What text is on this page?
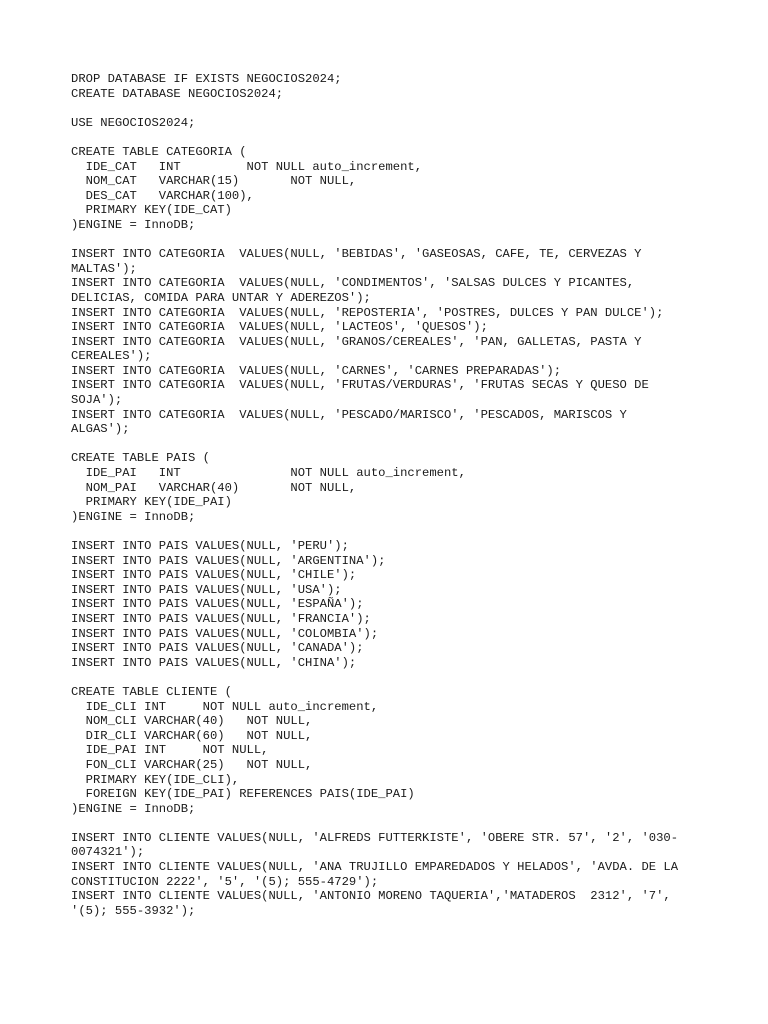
DROP DATABASE IF EXISTS NEGOCIOS2024;
CREATE DATABASE NEGOCIOS2024;
USE NEGOCIOS2024;
CREATE TABLE CATEGORIA (
IDE_CAT   INT         NOT NULL auto_increment,
NOM_CAT   VARCHAR(15)       NOT NULL,
DES_CAT   VARCHAR(100),
PRIMARY KEY(IDE_CAT)
)ENGINE = InnoDB;
INSERT INTO CATEGORIA  VALUES(NULL, 'BEBIDAS', 'GASEOSAS, CAFE, TE, CERVEZAS Y
MALTAS');
INSERT INTO CATEGORIA  VALUES(NULL, 'CONDIMENTOS', 'SALSAS DULCES Y PICANTES,
DELICIAS, COMIDA PARA UNTAR Y ADEREZOS');
INSERT INTO CATEGORIA  VALUES(NULL, 'REPOSTERIA', 'POSTRES, DULCES Y PAN DULCE');
INSERT INTO CATEGORIA  VALUES(NULL, 'LACTEOS', 'QUESOS');
INSERT INTO CATEGORIA  VALUES(NULL, 'GRANOS/CEREALES', 'PAN, GALLETAS, PASTA Y
CEREALES');
INSERT INTO CATEGORIA  VALUES(NULL, 'CARNES', 'CARNES PREPARADAS');
INSERT INTO CATEGORIA  VALUES(NULL, 'FRUTAS/VERDURAS', 'FRUTAS SECAS Y QUESO DE
SOJA');
INSERT INTO CATEGORIA  VALUES(NULL, 'PESCADO/MARISCO', 'PESCADOS, MARISCOS Y
ALGAS');
CREATE TABLE PAIS (
IDE_PAI   INT               NOT NULL auto_increment,
NOM_PAI   VARCHAR(40)       NOT NULL,
PRIMARY KEY(IDE_PAI)
)ENGINE = InnoDB;
INSERT INTO PAIS VALUES(NULL, 'PERU');
INSERT INTO PAIS VALUES(NULL, 'ARGENTINA');
INSERT INTO PAIS VALUES(NULL, 'CHILE');
INSERT INTO PAIS VALUES(NULL, 'USA');
INSERT INTO PAIS VALUES(NULL, 'ESPAÑA');
INSERT INTO PAIS VALUES(NULL, 'FRANCIA');
INSERT INTO PAIS VALUES(NULL, 'COLOMBIA');
INSERT INTO PAIS VALUES(NULL, 'CANADA');
INSERT INTO PAIS VALUES(NULL, 'CHINA');
CREATE TABLE CLIENTE (
IDE_CLI INT     NOT NULL auto_increment,
NOM_CLI VARCHAR(40)   NOT NULL,
DIR_CLI VARCHAR(60)   NOT NULL,
IDE_PAI INT     NOT NULL,
FON_CLI VARCHAR(25)   NOT NULL,
PRIMARY KEY(IDE_CLI),
FOREIGN KEY(IDE_PAI) REFERENCES PAIS(IDE_PAI)
)ENGINE = InnoDB;
INSERT INTO CLIENTE VALUES(NULL, 'ALFREDS FUTTERKISTE', 'OBERE STR. 57', '2', '030-
0074321');
INSERT INTO CLIENTE VALUES(NULL, 'ANA TRUJILLO EMPAREDADOS Y HELADOS', 'AVDA. DE LA
CONSTITUCION 2222', '5', '(5); 555-4729');
INSERT INTO CLIENTE VALUES(NULL, 'ANTONIO MORENO TAQUERIA','MATADEROS  2312', '7',
'(5); 555-3932');
